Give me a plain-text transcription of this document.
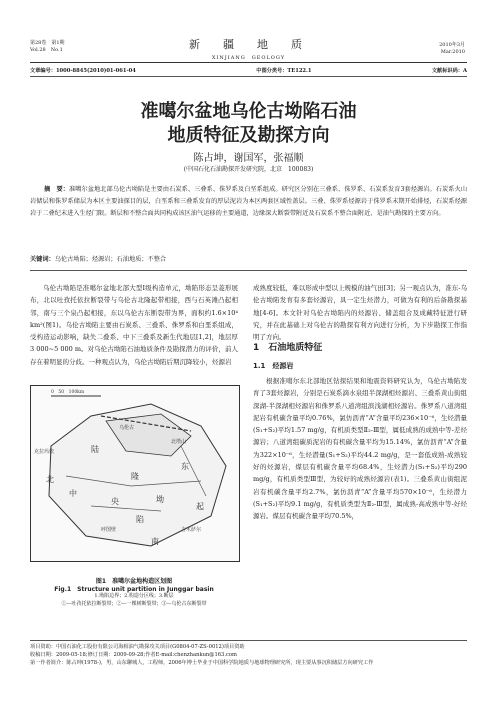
第28卷　第1期
Vol.28　No.1	新　疆　地　质
XINJIANG　GEOLOGY
2010年3月
Mar.2010
文章编号：1000-8845(2010)01-061-04	中图分类号：TE122.1	文献标识码：A
准噶尔盆地乌伦古坳陷石油
地质特征及勘探方向
陈占坤，谢国军，张福顺
(中国石化石油勘探开发研究院，北京　100083)
摘　要：准噶尔盆地北部乌伦古坳陷是主要由石炭系、三叠系、侏罗系及白垩系组成。研究区分别在三叠系、侏罗系、石炭系发育3套烃源岩。石炭系火山岩储层和侏罗系储层为本区主要油探目的层，白垩系和三叠系发育的厚层泥岩为本区两套区域性盖层。三叠、侏罗系烃源岩于侏罗系末期开始排烃，石炭系烃源岩于二叠纪末进入生烃门限。断层和不整合面共同构成该区油气运移的主要通道，边缘深大断裂带附近及石炭系不整合面附近，是油气勘探的主要方向。
关键词：乌伦古坳陷；烃源岩；石油地质；不整合
乌伦古坳陷是准噶尔盆地北部大型Ⅰ级构造单元，坳陷形态呈菱形展布，北以吐孜托依拉断裂带与乌伦古北隆起带相接，西与石英滩凸起相邻，南与三个泉凸起相接，东以乌伦古东断裂带为界，面积约1.6×10⁴ km²(图1)。乌伦古坳陷主要由石炭系、三叠系、侏罗系和白垩系组成，受构造运动影响，缺失二叠系、中下三叠系及新生代地层[1,2]，地层厚3 000~5 000 m。对乌伦古坳陷石油地质条件及勘探潜力的评价，前人存在着明显的分歧。一种观点认为，乌伦古坳陷后期沉降较小，烃源岩
0　50　100km
乌伦古
北塔山
克拉玛依	陆
东
北	隆
中
央	坳
陷
起
呼图壁	吉木萨尔
南
图1　准噶尔盆地构造区划图
Fig.1　Structure unit partition in Junggar basin
1.坳陷边界；2.构造分区线；3.断层
①—吐孜托依拉断裂带；②—一棵树断裂带；③—乌伦古东断裂带
成熟度较低，难以形成中型以上规模的油气田[3]；另一观点认为，准东-乌伦古坳陷发育有多套烃源岩，具一定生烃潜力，可做为有利的后备勘探基地[4-6]。本文针对乌伦古坳陷内的烃源岩、储盖组合及成藏特征进行研究，并在此基础上对乌伦古的勘探有利方向进行分析，为下步勘探工作指明了方向。
1　石油地质特征
1.1　烃源岩
根据准噶尔东北部地区钻探结果和地震资料研究认为，乌伦古坳陷发育了3套烃源岩，分别是石炭系滴水泉组半深湖相烃源岩、三叠系黄山街组深湖-半深湖相烃源岩和侏罗系八道湾组滨浅湖相烃源岩。侏罗系八道湾组泥岩有机碳含量平均0.76%，氯仿沥青“A”含量平均236×10⁻⁶，生烃潜量(S₁+S₂)平均1.57 mg/g，有机质类型Ⅱ₂-Ⅲ型，属低成熟的成熟中等-差烃源岩；八道湾组碳质泥岩的有机碳含量平均为15.14%，氯仿沥青“A”含量为322×10⁻⁶，生烃潜量(S₁+S₂)平均44.2 mg/g，是一套低成熟-成熟较好的烃源岩，煤层有机碳含量平均68.4%，生烃潜力(S₁+S₂)平均290 mg/g，有机质类型Ⅲ型，为较好的成熟烃源岩(表1)。三叠系黄山街组泥岩有机碳含量平均2.7%，氯仿沥青“A”含量平均570×10⁻⁶，生烃潜力(S₁+S₂)平均9.1 mg/g，有机质类型为Ⅱ₂-Ⅲ型，属成熟-高成熟中等-好烃源岩。煤层有机碳含量平均70.5%，
项目资助：中国石油化工股份有限公司海相油气勘探攻关项目(G0804-07-ZS-0012)项目资助
收稿日期：2009-05-18;修订日期：2009-09-28;作者E-mail:chenzhankun@163.com
第一作者简介：陈占坤(1978-)，男，山东聊城人，工程师，2006年博士毕业于中国科学院地质与地球物理研究所，现主要从事沉积储层方向研究工作
